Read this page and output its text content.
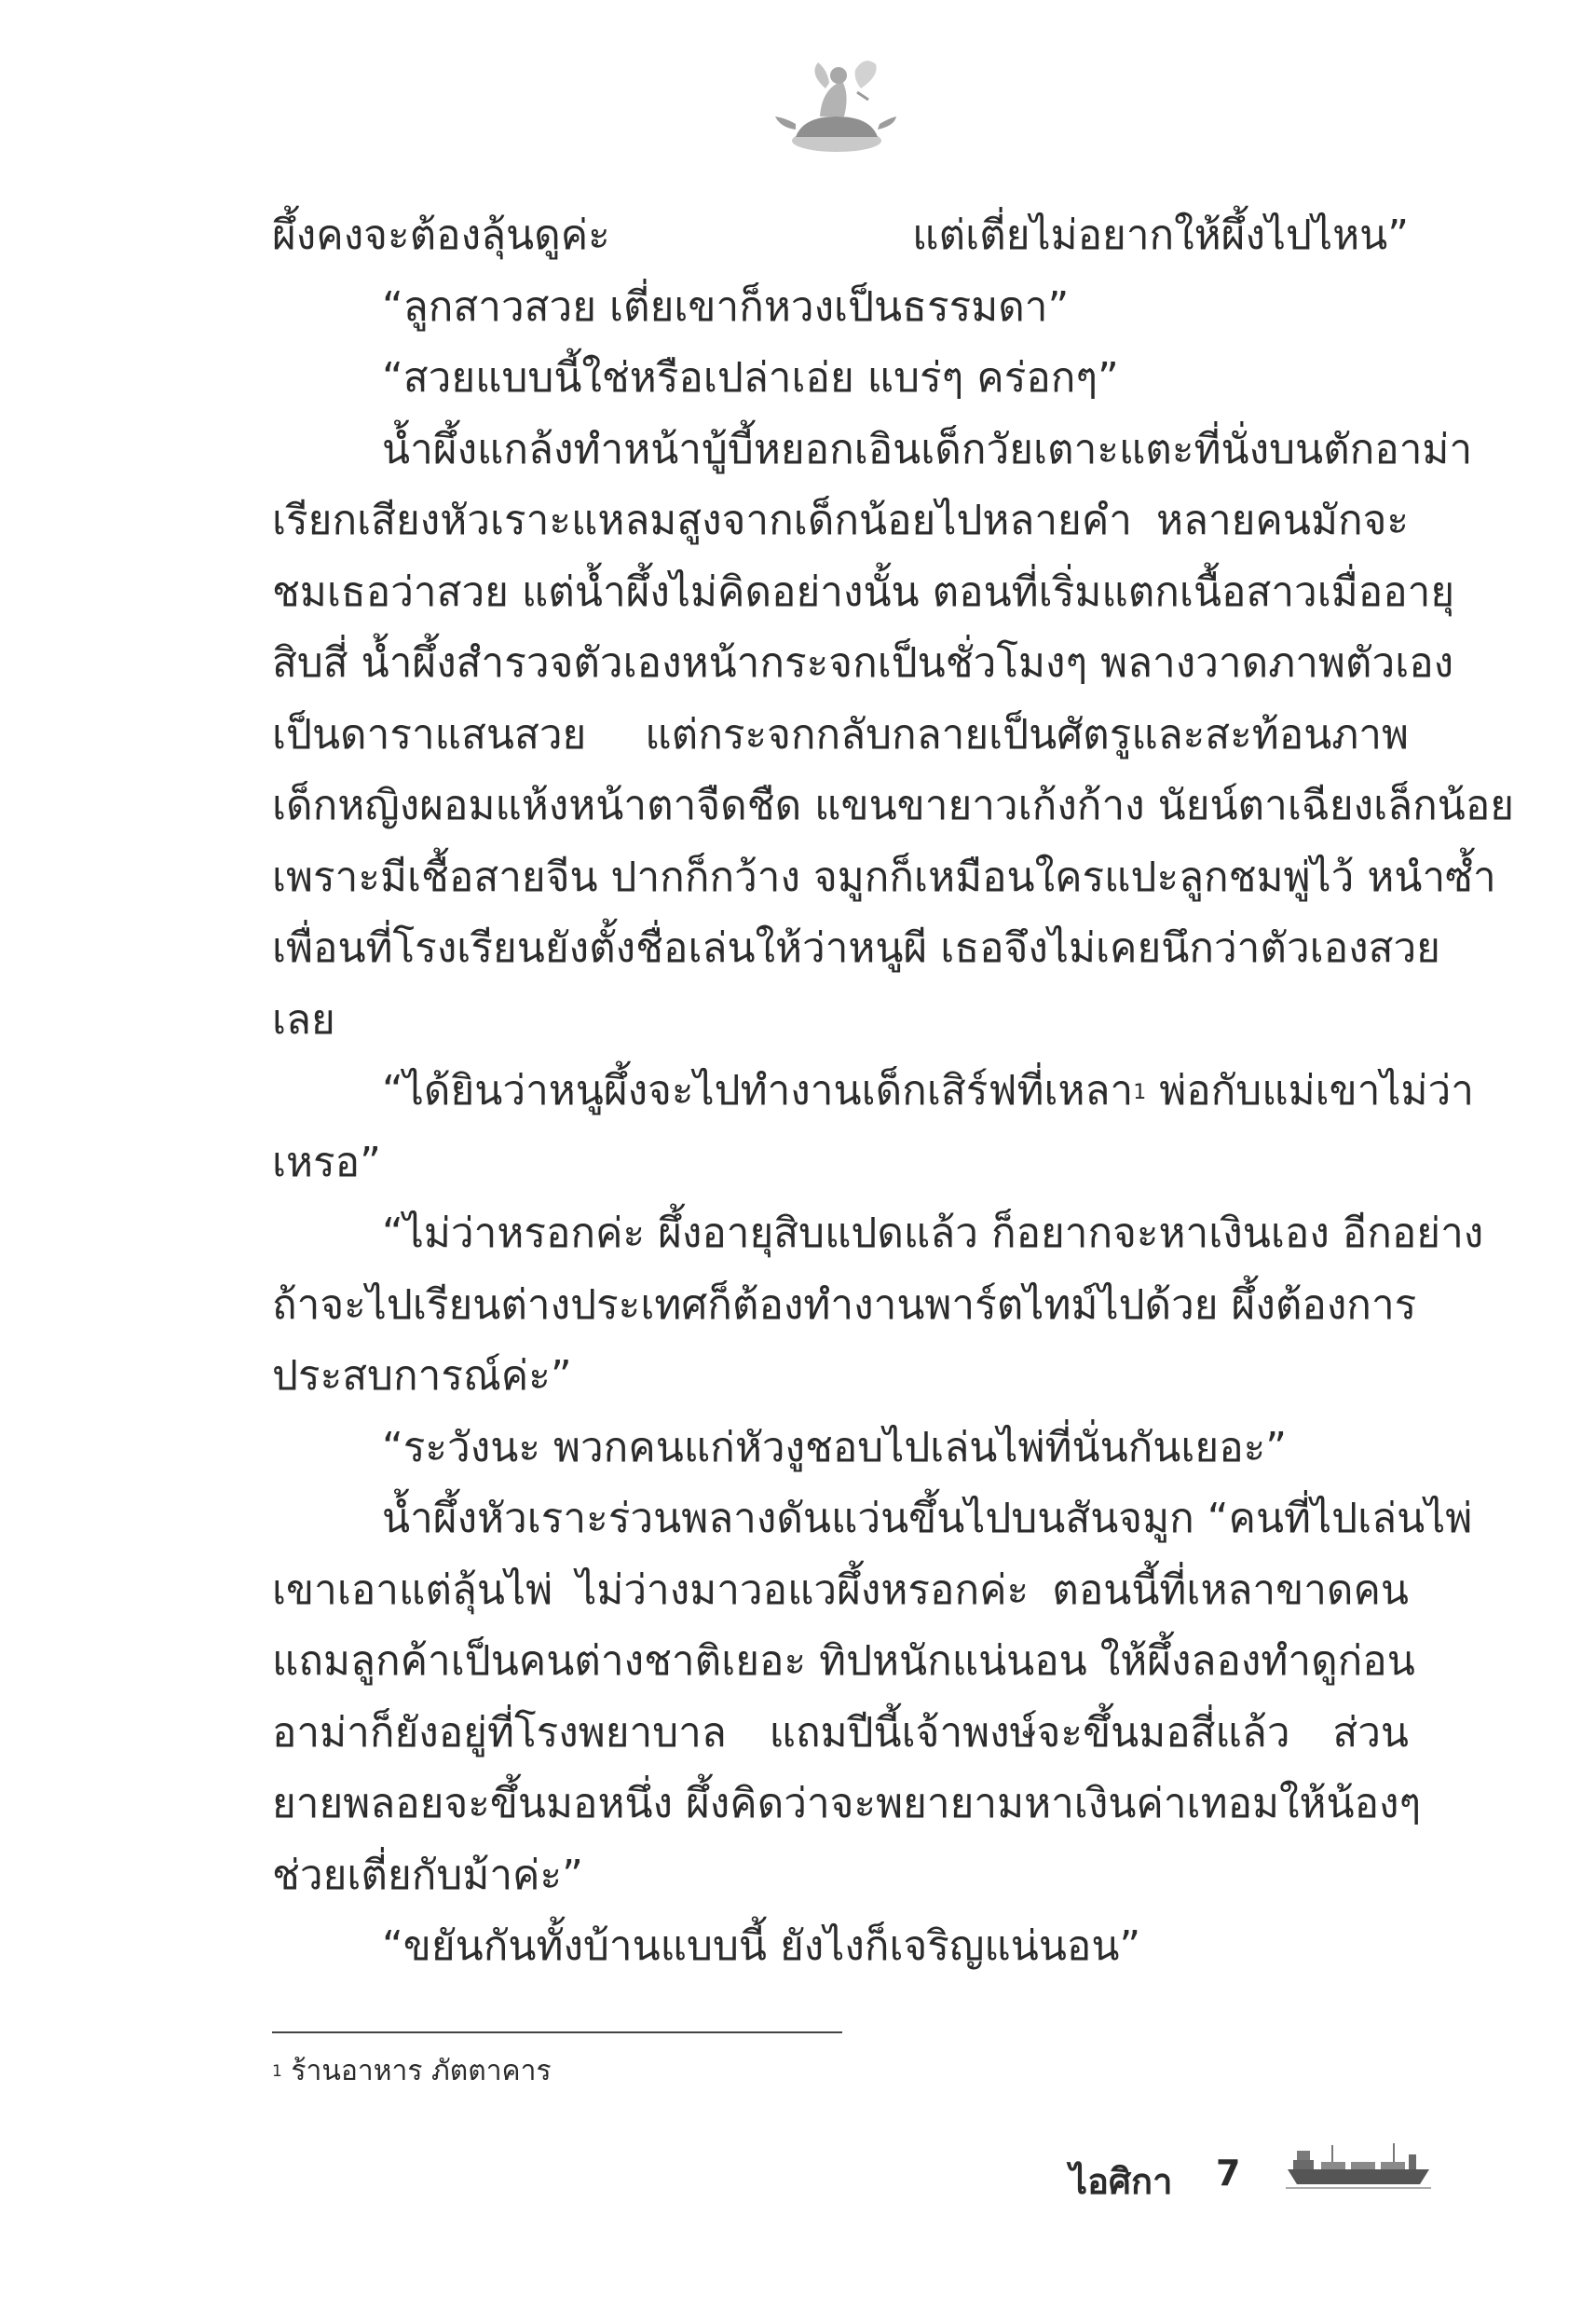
ผึ้งคงจะต้องลุ้นดูค่ะ แต่เตี่ยไม่อยากให้ผึ้งไปไหน”
“ลูกสาวสวย เตี่ยเขาก็หวงเป็นธรรมดา”
“สวยแบบนี้ใช่หรือเปล่าเอ่ย แบร่ๆ คร่อกๆ”
น้ำผึ้งแกล้งทำหน้าบู้บี้หยอกเอินเด็กวัยเตาะแตะที่นั่งบนตักอาม่า
เรียกเสียงหัวเราะแหลมสูงจากเด็กน้อยไปหลายคำ หลายคนมักจะ
ชมเธอว่าสวย แต่น้ำผึ้งไม่คิดอย่างนั้น ตอนที่เริ่มแตกเนื้อสาวเมื่ออายุ
สิบสี่ น้ำผึ้งสำรวจตัวเองหน้ากระจกเป็นชั่วโมงๆ พลางวาดภาพตัวเอง
เป็นดาราแสนสวย แต่กระจกกลับกลายเป็นศัตรูและสะท้อนภาพ
เด็กหญิงผอมแห้งหน้าตาจืดชืด แขนขายาวเก้งก้าง นัยน์ตาเฉียงเล็กน้อย
เพราะมีเชื้อสายจีน ปากก็กว้าง จมูกก็เหมือนใครแปะลูกชมพู่ไว้ หนำซ้ำ
เพื่อนที่โรงเรียนยังตั้งชื่อเล่นให้ว่าหนูผี เธอจึงไม่เคยนึกว่าตัวเองสวย
เลย
“ได้ยินว่าหนูผึ้งจะไปทำงานเด็กเสิร์ฟที่เหลา$^1$ พ่อกับแม่เขาไม่ว่า
เหรอ”
“ไม่ว่าหรอกค่ะ ผึ้งอายุสิบแปดแล้ว ก็อยากจะหาเงินเอง อีกอย่าง
ถ้าจะไปเรียนต่างประเทศก็ต้องทำงานพาร์ตไทม์ไปด้วย ผึ้งต้องการ
ประสบการณ์ค่ะ”
“ระวังนะ พวกคนแก่หัวงูชอบไปเล่นไพ่ที่นั่นกันเยอะ”
น้ำผึ้งหัวเราะร่วนพลางดันแว่นขึ้นไปบนสันจมูก “คนที่ไปเล่นไพ่
เขาเอาแต่ลุ้นไพ่ ไม่ว่างมาวอแวผึ้งหรอกค่ะ ตอนนี้ที่เหลาขาดคน
แถมลูกค้าเป็นคนต่างชาติเยอะ ทิปหนักแน่นอน ให้ผึ้งลองทำดูก่อน
อาม่าก็ยังอยู่ที่โรงพยาบาล แถมปีนี้เจ้าพงษ์จะขึ้นมอสี่แล้ว ส่วน
ยายพลอยจะขึ้นมอหนึ่ง ผึ้งคิดว่าจะพยายามหาเงินค่าเทอมให้น้องๆ
ช่วยเตี่ยกับม้าค่ะ”
“ขยันกันทั้งบ้านแบบนี้ ยังไงก็เจริญแน่นอน”
$^1$ ร้านอาหาร ภัตตาคาร
ไอศิกา 7
